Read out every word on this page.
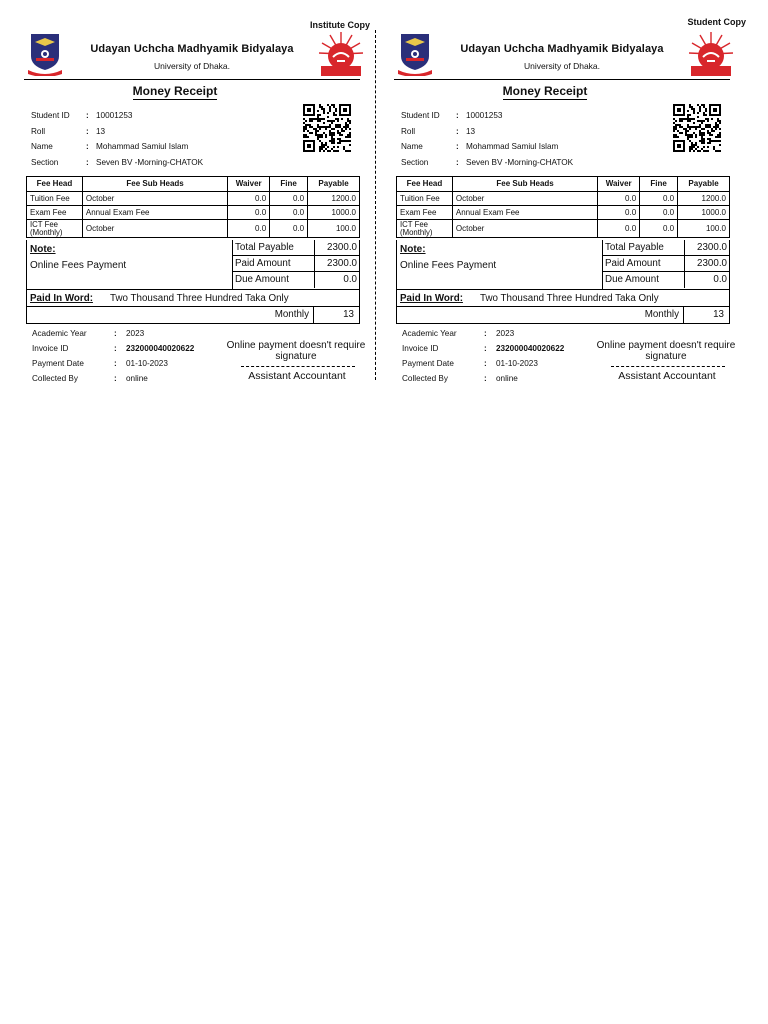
Institute Copy
Udayan Uchcha Madhyamik Bidyalaya
University of Dhaka.
Money Receipt
Student ID	: 10001253
Roll	: 13
Name	: Mohammad Samiul Islam
Section	: Seven BV -Morning-CHATOK
Fee Head	Fee Sub Heads	Waiver	Fine	Payable
Tuition Fee	October	0.0	0.0	1200.0
Exam Fee	Annual Exam Fee	0.0	0.0	1000.0
ICT Fee (Monthly)	October	0.0	0.0	100.0
Note:
Online Fees Payment
Total Payable	2300.0
Paid Amount	2300.0
Due Amount	0.0
Paid In Word: Two Thousand Three Hundred Taka Only
Monthly	13
Academic Year	:	2023
Invoice ID	:	232000040020622
Payment Date	:	01-10-2023
Collected By	:	online
Online payment doesn't require signature
Assistant Accountant
Student Copy
Udayan Uchcha Madhyamik Bidyalaya
University of Dhaka.
Money Receipt
Student ID	: 10001253
Roll	: 13
Name	: Mohammad Samiul Islam
Section	: Seven BV -Morning-CHATOK
Fee Head	Fee Sub Heads	Waiver	Fine	Payable
Tuition Fee	October	0.0	0.0	1200.0
Exam Fee	Annual Exam Fee	0.0	0.0	1000.0
ICT Fee (Monthly)	October	0.0	0.0	100.0
Note:
Online Fees Payment
Total Payable	2300.0
Paid Amount	2300.0
Due Amount	0.0
Paid In Word: Two Thousand Three Hundred Taka Only
Monthly	13
Academic Year	:	2023
Invoice ID	:	232000040020622
Payment Date	:	01-10-2023
Collected By	:	online
Online payment doesn't require signature
Assistant Accountant
